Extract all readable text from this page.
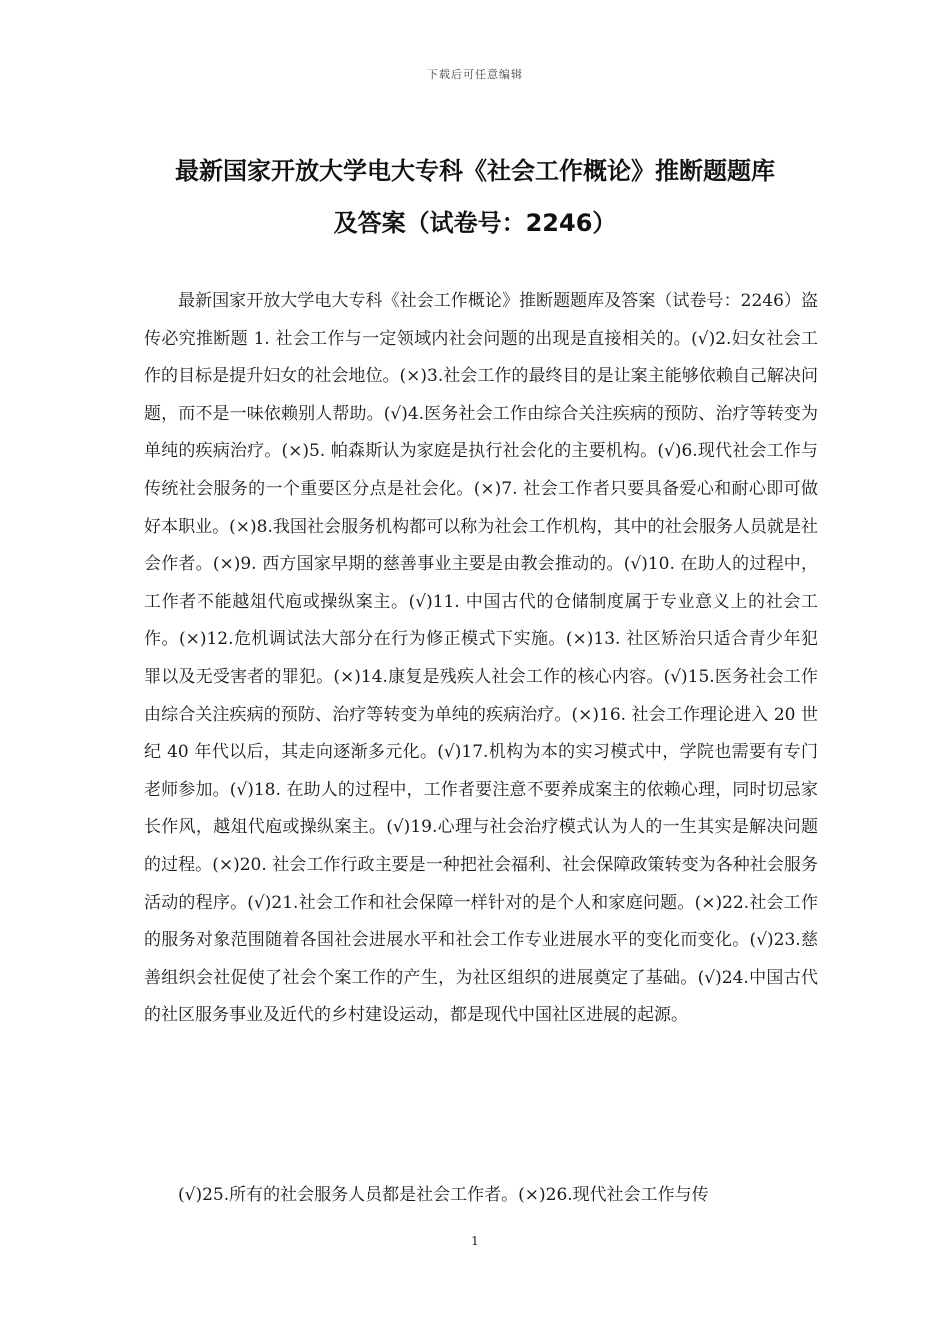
下载后可任意编辑
最新国家开放大学电大专科《社会工作概论》推断题题库
及答案（试卷号：2246）

最新国家开放大学电大专科《社会工作概论》推断题题库及答案（试卷号：2246）盗传必究推断题 1. 社会工作与一定领域内社会问题的出现是直接相关的。(√)2.妇女社会工作的目标是提升妇女的社会地位。(×)3.社会工作的最终目的是让案主能够依赖自己解决问题，而不是一味依赖别人帮助。(√)4.医务社会工作由综合关注疾病的预防、治疗等转变为单纯的疾病治疗。(×)5. 帕森斯认为家庭是执行社会化的主要机构。(√)6.现代社会工作与传统社会服务的一个重要区分点是社会化。(×)7. 社会工作者只要具备爱心和耐心即可做好本职业。(×)8.我国社会服务机构都可以称为社会工作机构，其中的社会服务人员就是社会作者。(×)9. 西方国家早期的慈善事业主要是由教会推动的。(√)10. 在助人的过程中，工作者不能越俎代庖或操纵案主。(√)11. 中国古代的仓储制度属于专业意义上的社会工作。(×)12.危机调试法大部分在行为修正模式下实施。(×)13. 社区矫治只适合青少年犯罪以及无受害者的罪犯。(×)14.康复是残疾人社会工作的核心内容。(√)15.医务社会工作由综合关注疾病的预防、治疗等转变为单纯的疾病治疗。(×)16. 社会工作理论进入 20 世纪 40 年代以后，其走向逐渐多元化。(√)17.机构为本的实习模式中，学院也需要有专门老师参加。(√)18. 在助人的过程中，工作者要注意不要养成案主的依赖心理，同时切忌家长作风，越俎代庖或操纵案主。(√)19.心理与社会治疗模式认为人的一生其实是解决问题的过程。(×)20. 社会工作行政主要是一种把社会福利、社会保障政策转变为各种社会服务活动的程序。(√)21.社会工作和社会保障一样针对的是个人和家庭问题。(×)22.社会工作的服务对象范围随着各国社会进展水平和社会工作专业进展水平的变化而变化。(√)23.慈善组织会社促使了社会个案工作的产生，为社区组织的进展奠定了基础。(√)24.中国古代的社区服务事业及近代的乡村建设运动，都是现代中国社区进展的起源。

(√)25.所有的社会服务人员都是社会工作者。(×)26.现代社会工作与传

1
